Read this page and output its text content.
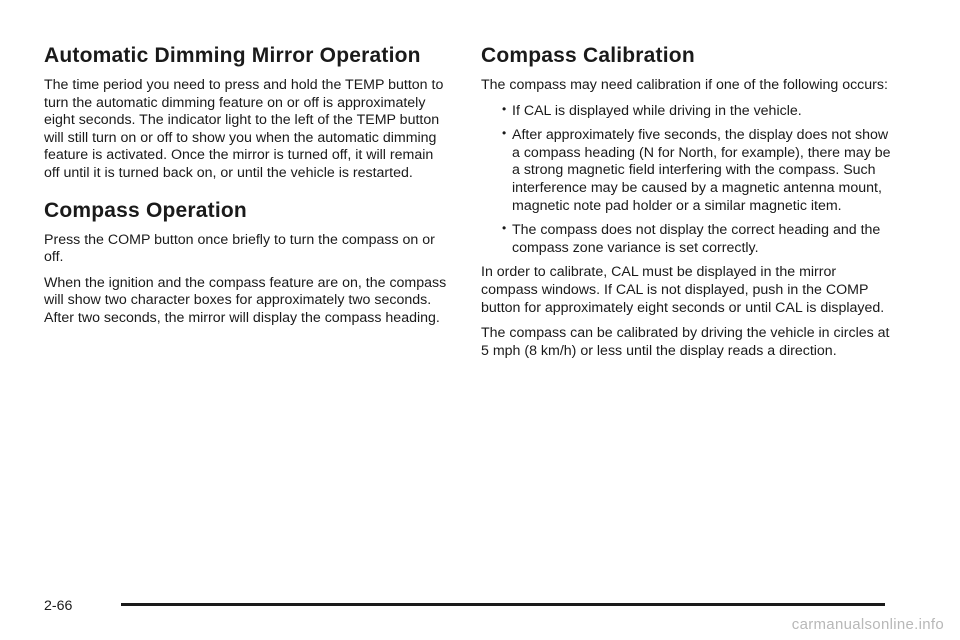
Automatic Dimming Mirror Operation

The time period you need to press and hold the TEMP button to turn the automatic dimming feature on or off is approximately eight seconds. The indicator light to the left of the TEMP button will still turn on or off to show you when the automatic dimming feature is activated. Once the mirror is turned off, it will remain off until it is turned back on, or until the vehicle is restarted.

Compass Operation

Press the COMP button once briefly to turn the compass on or off.

When the ignition and the compass feature are on, the compass will show two character boxes for approximately two seconds. After two seconds, the mirror will display the compass heading.

Compass Calibration

The compass may need calibration if one of the following occurs:

• If CAL is displayed while driving in the vehicle.
• After approximately five seconds, the display does not show a compass heading (N for North, for example), there may be a strong magnetic field interfering with the compass. Such interference may be caused by a magnetic antenna mount, magnetic note pad holder or a similar magnetic item.
• The compass does not display the correct heading and the compass zone variance is set correctly.

In order to calibrate, CAL must be displayed in the mirror compass windows. If CAL is not displayed, push in the COMP button for approximately eight seconds or until CAL is displayed.

The compass can be calibrated by driving the vehicle in circles at 5 mph (8 km/h) or less until the display reads a direction.

2-66
carmanualsonline.info
